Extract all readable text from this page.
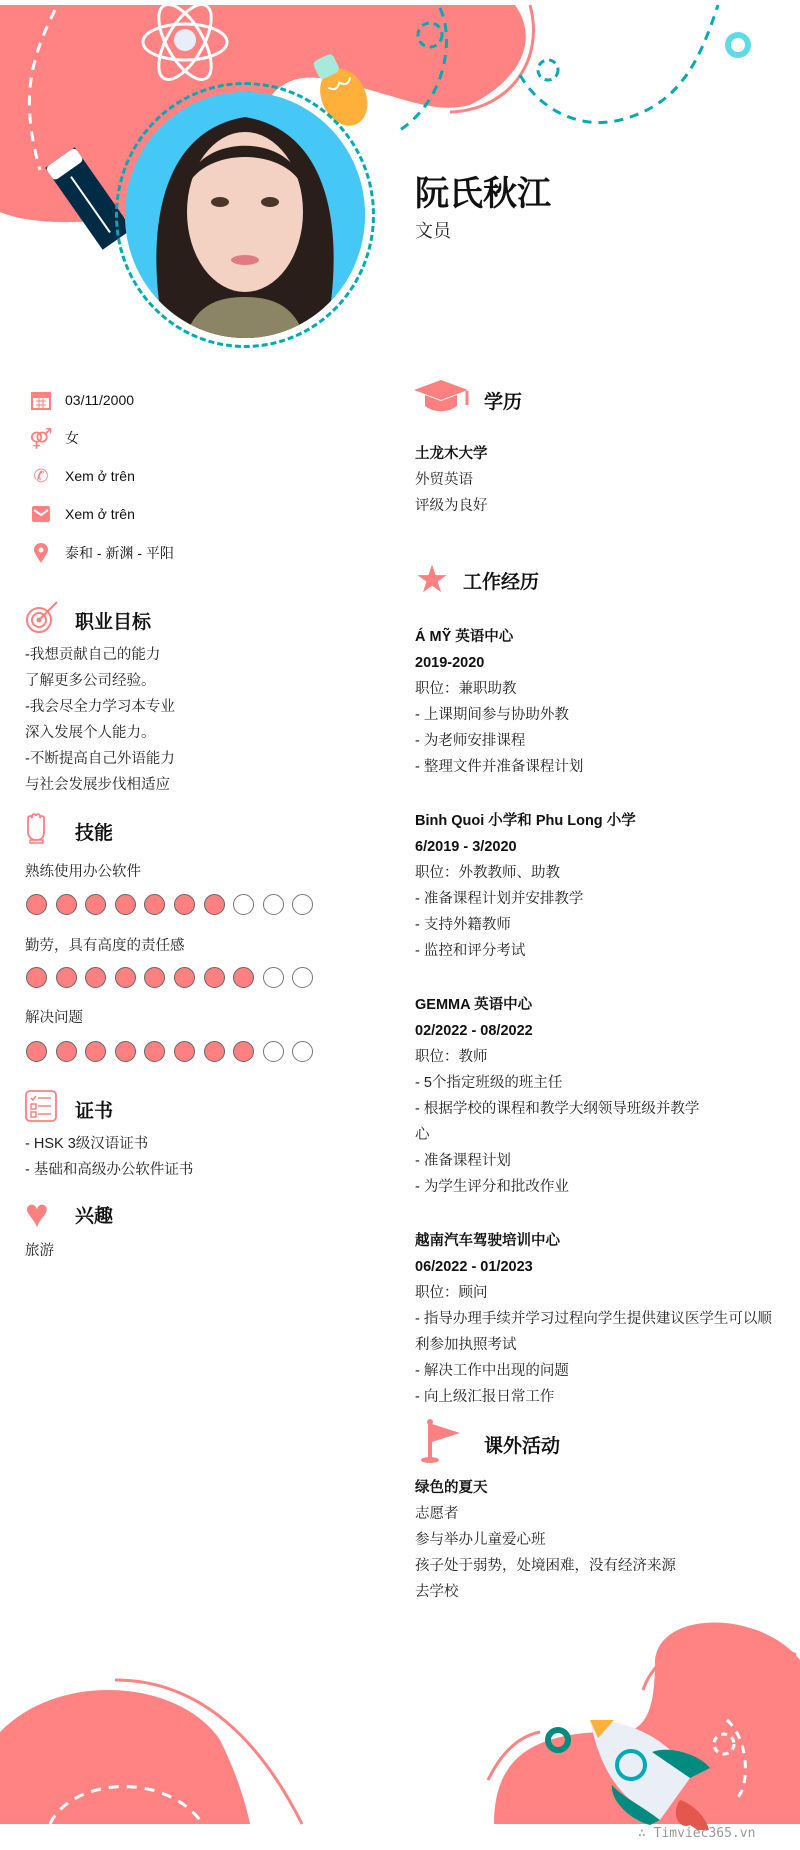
阮氏秋江
文员
03/11/2000
⚤ 女
✆	Xem ở trên
Xem ở trên
泰和 - 新渊 - 平阳
职业目标
-我想贡献自己的能力
了解更多公司经验。
-我会尽全力学习本专业
深入发展个人能力。
-不断提高自己外语能力
与社会发展步伐相适应
技能
熟练使用办公软件
勤劳，具有高度的责任感
解决问题
证书
- HSK 3级汉语证书
- 基础和高级办公软件证书
♥	兴趣
旅游
学历
土龙木大学
外贸英语
评级为良好
★ 工作经历
Á MỸ 英语中心
2019-2020
职位：兼职助教
- 上课期间参与协助外教
- 为老师安排课程
- 整理文件并准备课程计划
Binh Quoi 小学和 Phu Long 小学
6/2019 - 3/2020
职位：外教教师、助教
- 准备课程计划并安排教学
- 支持外籍教师
- 监控和评分考试
GEMMA 英语中心
02/2022 - 08/2022
职位：教师
- 5个指定班级的班主任
- 根据学校的课程和教学大纲领导班级并教学
心
- 准备课程计划
- 为学生评分和批改作业
越南汽车驾驶培训中心
06/2022 - 01/2023
职位：顾问
- 指导办理手续并学习过程向学生提供建议医学生可以顺
利参加执照考试
- 解决工作中出现的问题
- 向上级汇报日常工作
课外活动
绿色的夏天
志愿者
参与举办儿童爱心班
孩子处于弱势，处境困难，没有经济来源
去学校
∴ Timviec365.vn
